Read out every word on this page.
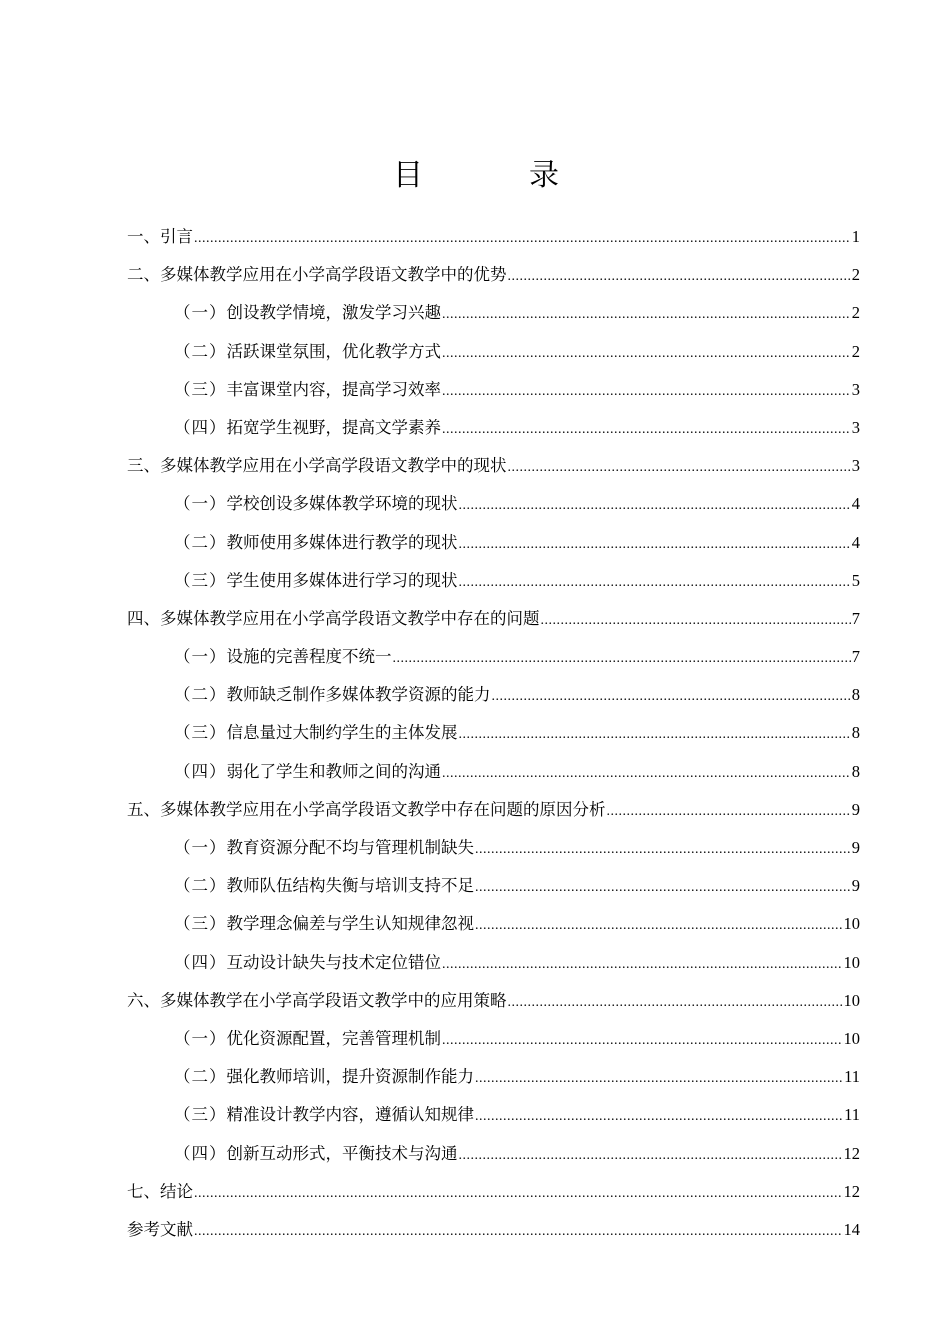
目　录
一、 引言 .....	1
二、 多媒体教学应用在小学高学段语文教学中的优势 .....	2
（一） 创设教学情境，激发学习兴趣 .....	2
（二） 活跃课堂氛围，优化教学方式 .....	2
（三） 丰富课堂内容，提高学习效率 .....	3
（四） 拓宽学生视野，提高文学素养 .....	3
三、 多媒体教学应用在小学高学段语文教学中的现状 .....	3
（一） 学校创设多媒体教学环境的现状 .....	4
（二） 教师使用多媒体进行教学的现状 .....	4
（三） 学生使用多媒体进行学习的现状 .....	5
四、 多媒体教学应用在小学高学段语文教学中存在的问题 .....	7
（一） 设施的完善程度不统一 .....	7
（二） 教师缺乏制作多媒体教学资源的能力 .....	8
（三） 信息量过大制约学生的主体发展 .....	8
（四） 弱化了学生和教师之间的沟通 .....	8
五、 多媒体教学应用在小学高学段语文教学中存在问题的原因分析 .....	9
（一） 教育资源分配不均与管理机制缺失 .....	9
（二） 教师队伍结构失衡与培训支持不足 .....	9
（三） 教学理念偏差与学生认知规律忽视 .....	10
（四） 互动设计缺失与技术定位错位 .....	10
六、 多媒体教学在小学高学段语文教学中的应用策略 .....	10
（一） 优化资源配置，完善管理机制 .....	10
（二） 强化教师培训，提升资源制作能力 .....	11
（三） 精准设计教学内容，遵循认知规律 .....	11
（四） 创新互动形式，平衡技术与沟通 .....	12
七、 结论 .....	12
参考文献 .....	14
